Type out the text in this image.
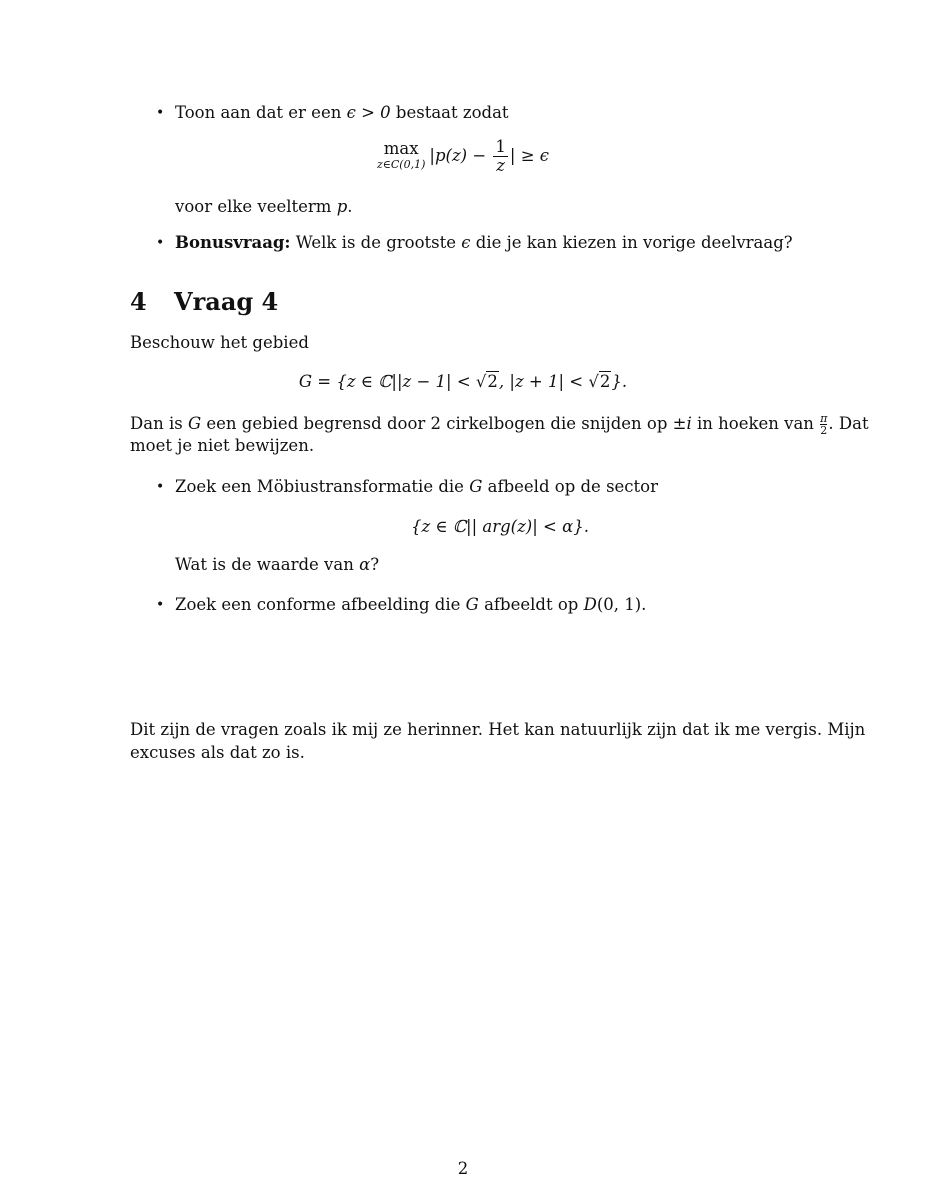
• Toon aan dat er een ϵ > 0 bestaat zodat
max
z∈C(0,1) $|p(z) - \frac{1}{z}$ | ≥ ϵ
voor elke veelterm p.
• Bonusvraag: Welk is de grootste ϵ die je kan kiezen in vorige deelvraag?
4 Vraag 4
Beschouw het gebied
G = {z ∈ ℂ||z − 1| < √2, |z + 1| < √2}.
Dan is G een gebied begrensd door 2 cirkelbogen die snijden op ±i in hoeken van $\frac{\pi}{2}$ . Dat
moet je niet bewijzen.
• Zoek een Möbiustransformatie die G afbeeld op de sector
{z ∈ ℂ|| arg(z)| < α}.
Wat is de waarde van α?
• Zoek een conforme afbeelding die G afbeeldt op D(0, 1).
Dit zijn de vragen zoals ik mij ze herinner. Het kan natuurlijk zijn dat ik me vergis. Mijn
excuses als dat zo is.
2
